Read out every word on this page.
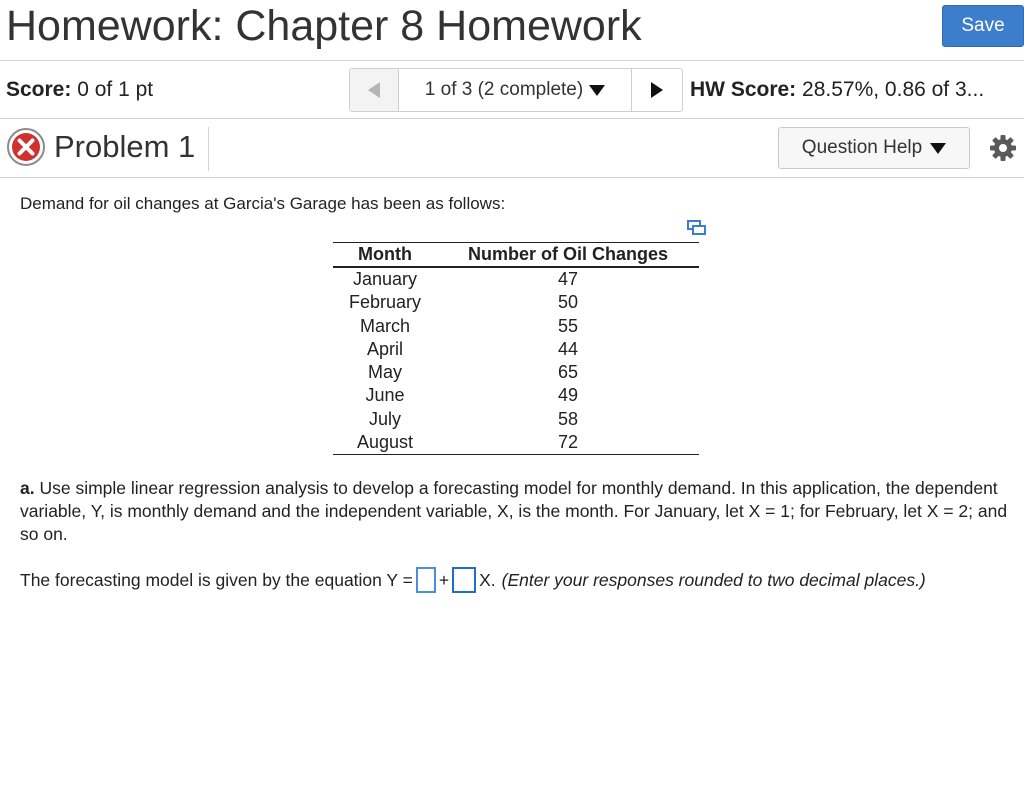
Homework: Chapter 8 Homework	Save
Score: 0 of 1 pt	1 of 3 (2 complete)	HW Score: 28.57%, 0.86 of 3...
Problem 1	Question Help
Demand for oil changes at Garcia's Garage has been as follows:
Month	Number of Oil Changes
January	47
February	50
March	55
April	44
May	65
June	49
July	58
August	72
a. Use simple linear regression analysis to develop a forecasting model for monthly demand. In this application, the dependent variable, Y, is monthly demand and the independent variable, X, is the month. For January, let X = 1; for February, let X = 2; and so on.
The forecasting model is given by the equation Y = + X. (Enter your responses rounded to two decimal places.)
